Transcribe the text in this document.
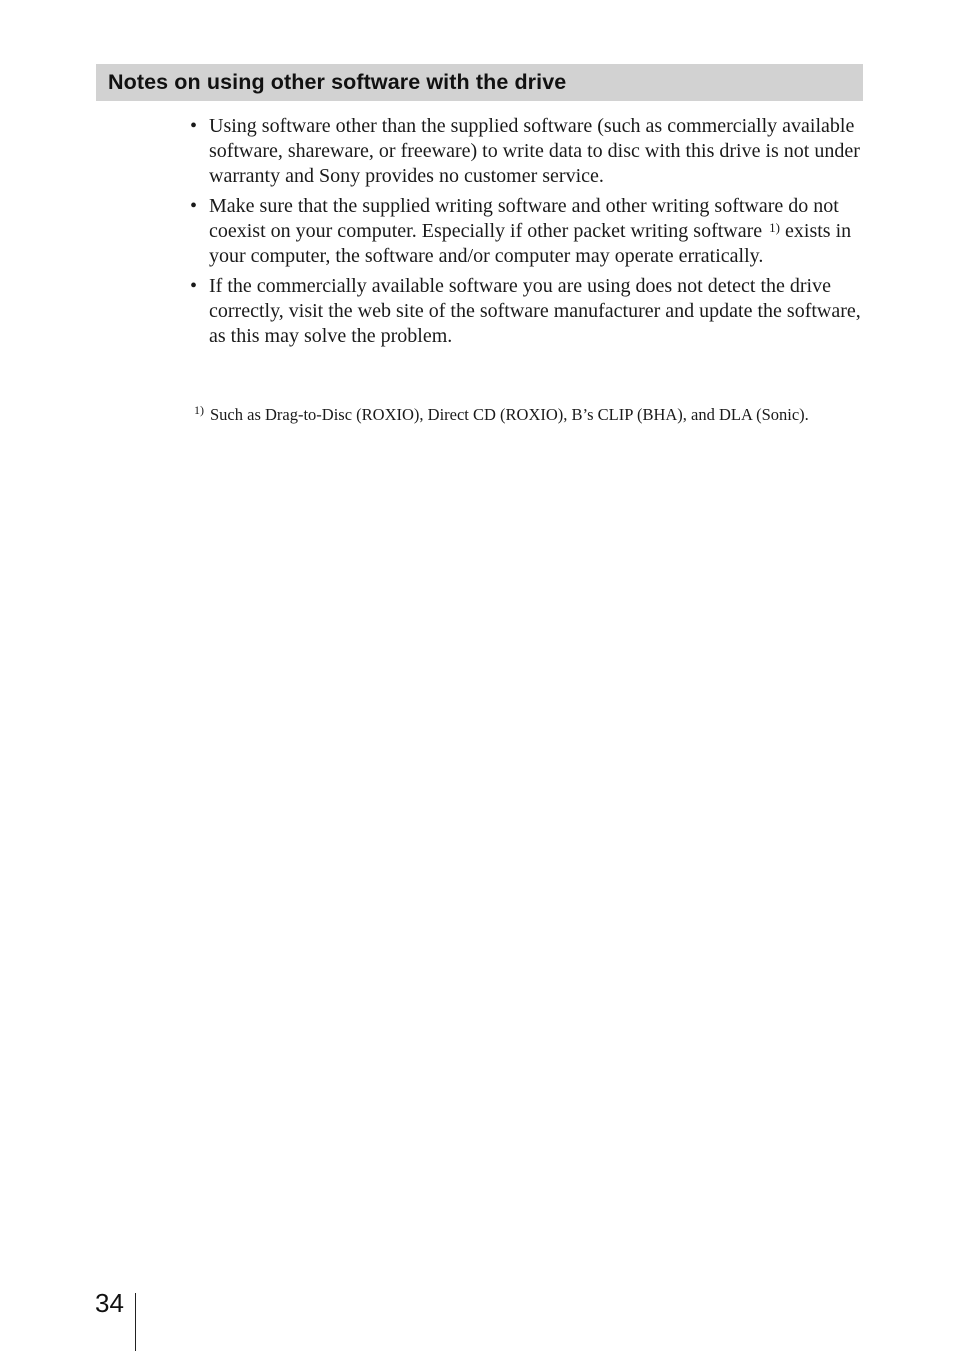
Notes on using other software with the drive
• Using software other than the supplied software (such as commercially available software, shareware, or freeware) to write data to disc with this drive is not under warranty and Sony provides no customer service.
• Make sure that the supplied writing software and other writing software do not coexist on your computer. Especially if other packet writing software $^{1)}$ exists in your computer, the software and/or computer may operate erratically.
• If the commercially available software you are using does not detect the drive correctly, visit the web site of the software manufacturer and update the software, as this may solve the problem.
$^{1)}$ Such as Drag-to-Disc (ROXIO), Direct CD (ROXIO), B’s CLIP (BHA), and DLA (Sonic).
34
